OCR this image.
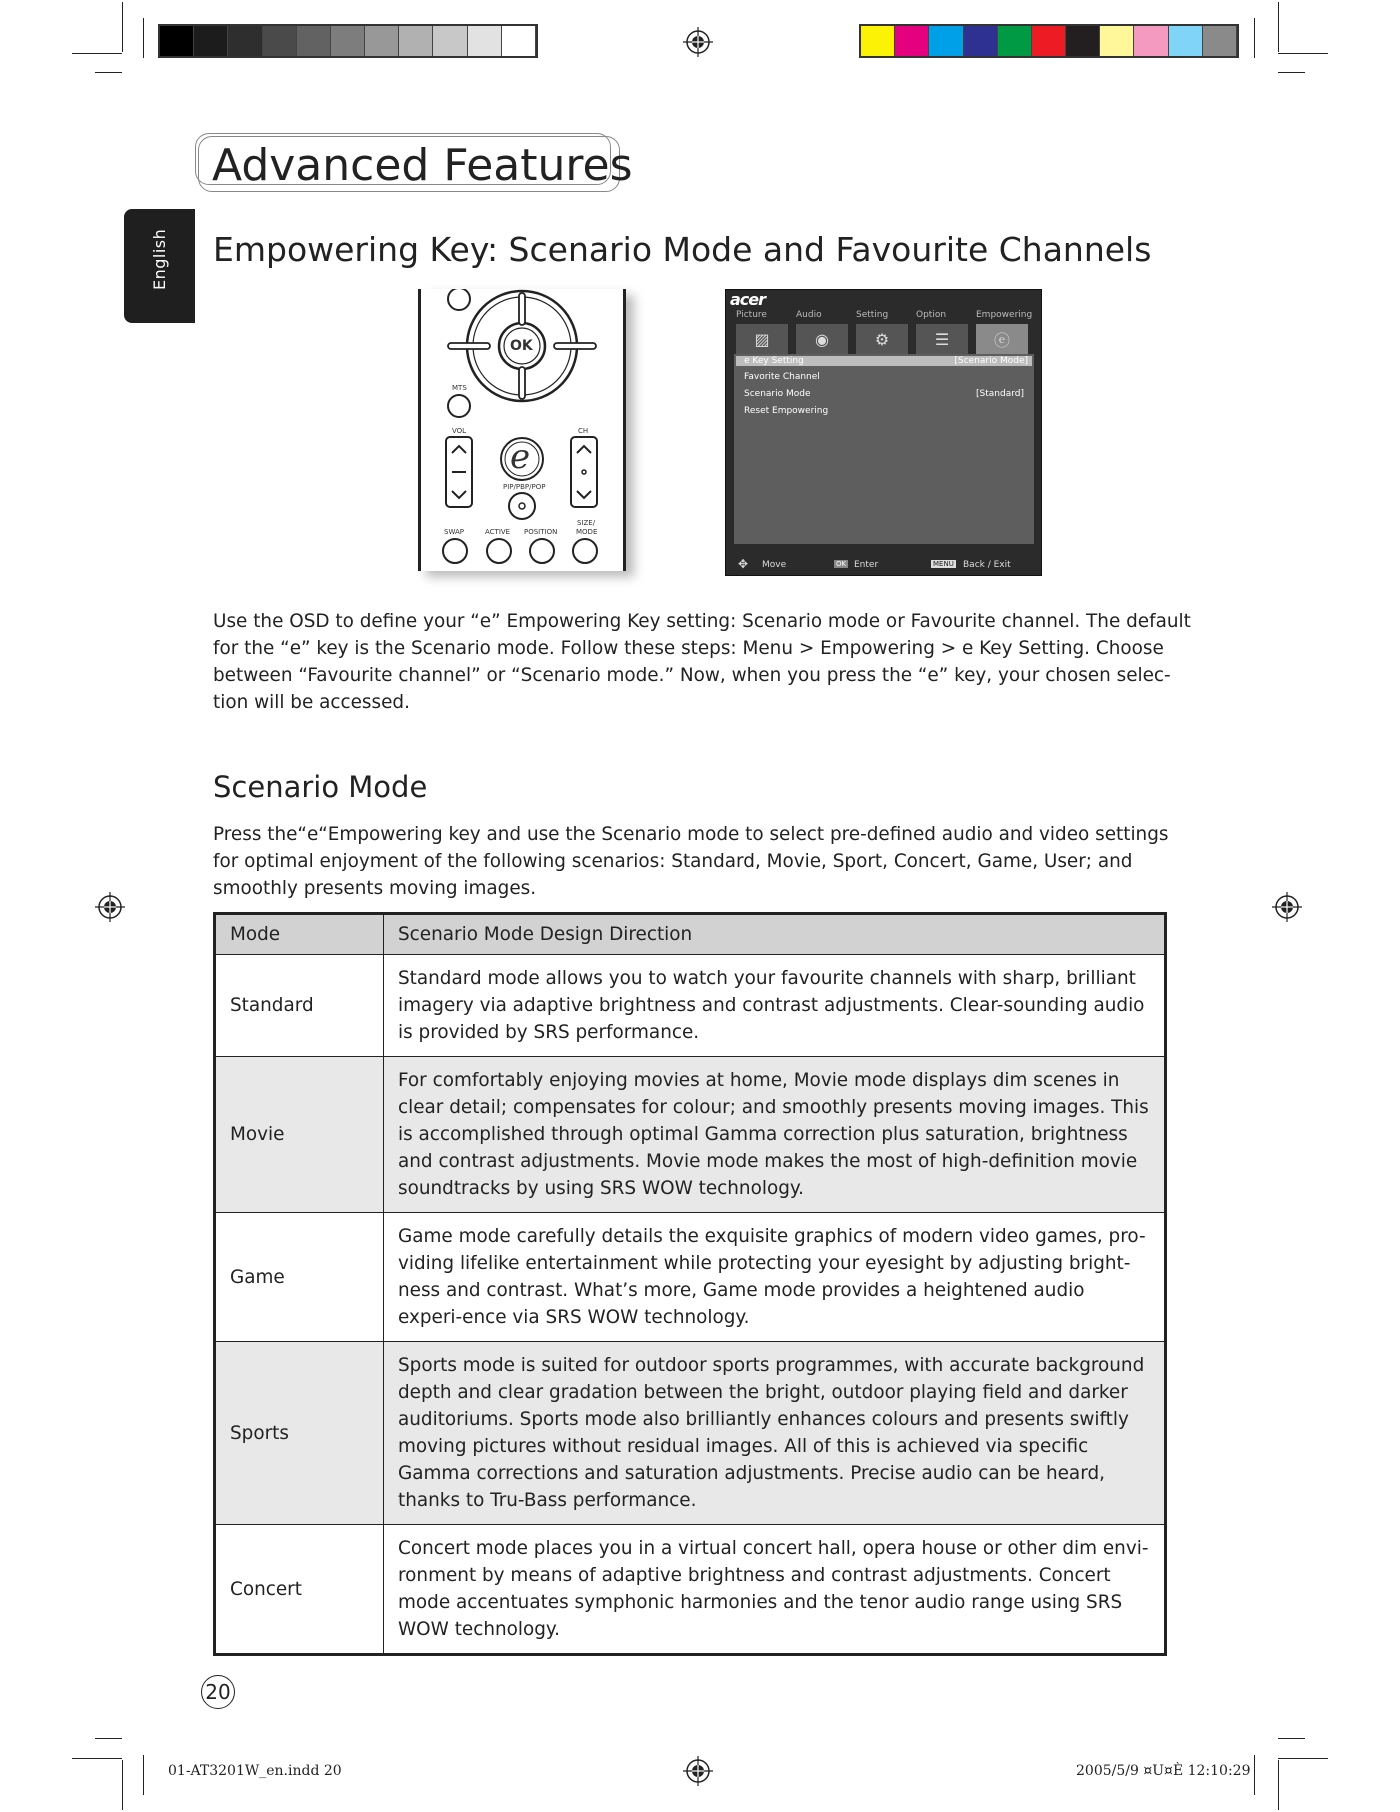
Advanced Features
English Empowering Key: Scenario Mode and Favourite Channels
OK
MTS
VOL	CH
e
PIP/PBP/POP
SIZE/
MODE
SWAP	ACTIVE POSITION
acer
Picture	Audio	Setting	Option	Empowering
▨	◉	⚙	☰	ⓔ
e Key Setting	[Scenario Mode]
Favorite Channel
Scenario Mode	[Standard]
Reset Empowering
✥ Move	OK Enter	MENU Back / Exit

Use the OSD to define your “e” Empowering Key setting: Scenario mode or Favourite channel. The default for the “e” key is the Scenario mode. Follow these steps: Menu > Empowering > e Key Setting. Choose between “Favourite channel” or “Scenario mode.” Now, when you press the “e” key, your chosen selec-tion will be accessed.

Scenario Mode

Press the“e“Empowering key and use the Scenario mode to select pre-defined audio and video settings for optimal enjoyment of the following scenarios: Standard, Movie, Sport, Concert, Game, User; and smoothly presents moving images.

Mode	Scenario Mode Design Direction
Standard	Standard mode allows you to watch your favourite channels with sharp, brilliant imagery via adaptive brightness and contrast adjustments. Clear-sounding audio is provided by SRS performance.
Movie	For comfortably enjoying movies at home, Movie mode displays dim scenes in clear detail; compensates for colour; and smoothly presents moving images. This is accomplished through optimal Gamma correction plus saturation, brightness and contrast adjustments. Movie mode makes the most of high-definition movie soundtracks by using SRS WOW technology.
Game	Game mode carefully details the exquisite graphics of modern video games, pro-viding lifelike entertainment while protecting your eyesight by adjusting bright-ness and contrast. What’s more, Game mode provides a heightened audio experi-ence via SRS WOW technology.
Sports	Sports mode is suited for outdoor sports programmes, with accurate background depth and clear gradation between the bright, outdoor playing field and darker auditoriums. Sports mode also brilliantly enhances colours and presents swiftly moving pictures without residual images. All of this is achieved via specific Gamma corrections and saturation adjustments. Precise audio can be heard, thanks to Tru-Bass performance.
Concert	Concert mode places you in a virtual concert hall, opera house or other dim envi-ronment by means of adaptive brightness and contrast adjustments. Concert mode accentuates symphonic harmonies and the tenor audio range using SRS WOW technology.
20
01-AT3201W_en.indd 20	2005/5/9 ¤U¤È 12:10:29
